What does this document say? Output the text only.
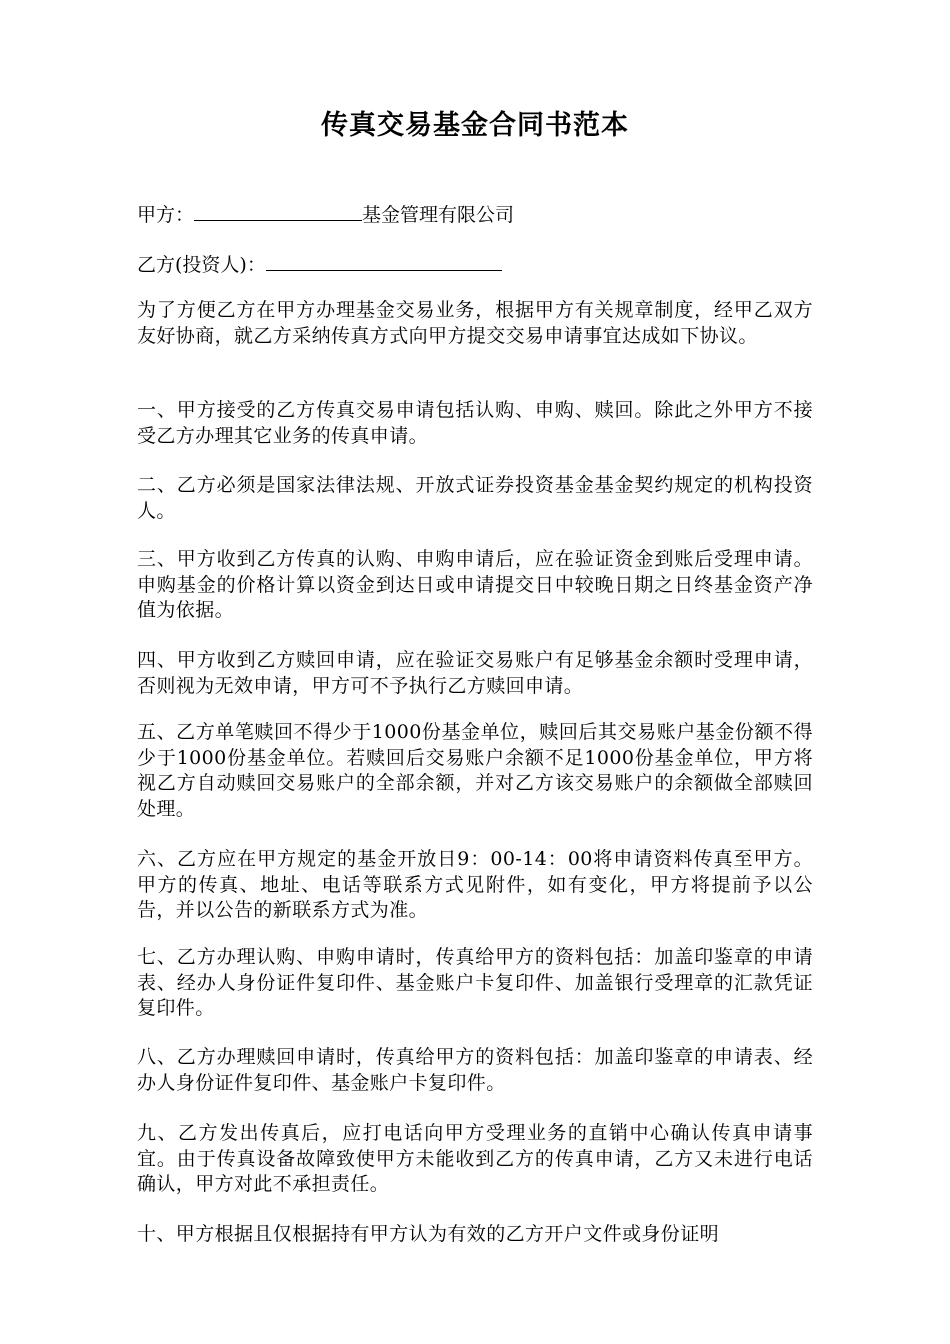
传真交易基金合同书范本
甲方：	基金管理有限公司
乙方(投资人)：

为了方便乙方在甲方办理基金交易业务，根据甲方有关规章制度，经甲乙双方友好协商，就乙方采纳传真方式向甲方提交交易申请事宜达成如下协议。

一、甲方接受的乙方传真交易申请包括认购、申购、赎回。除此之外甲方不接受乙方办理其它业务的传真申请。

二、乙方必须是国家法律法规、开放式证券投资基金基金契约规定的机构投资人。

三、甲方收到乙方传真的认购、申购申请后，应在验证资金到账后受理申请。申购基金的价格计算以资金到达日或申请提交日中较晚日期之日终基金资产净值为依据。

四、甲方收到乙方赎回申请，应在验证交易账户有足够基金余额时受理申请，否则视为无效申请，甲方可不予执行乙方赎回申请。

五、乙方单笔赎回不得少于1000份基金单位，赎回后其交易账户基金份额不得少于1000份基金单位。若赎回后交易账户余额不足1000份基金单位，甲方将视乙方自动赎回交易账户的全部余额，并对乙方该交易账户的余额做全部赎回处理。

六、乙方应在甲方规定的基金开放日9：00-14：00将申请资料传真至甲方。甲方的传真、地址、电话等联系方式见附件，如有变化，甲方将提前予以公告，并以公告的新联系方式为准。

七、乙方办理认购、申购申请时，传真给甲方的资料包括：加盖印鉴章的申请表、经办人身份证件复印件、基金账户卡复印件、加盖银行受理章的汇款凭证复印件。

八、乙方办理赎回申请时，传真给甲方的资料包括：加盖印鉴章的申请表、经办人身份证件复印件、基金账户卡复印件。

九、乙方发出传真后，应打电话向甲方受理业务的直销中心确认传真申请事宜。由于传真设备故障致使甲方未能收到乙方的传真申请，乙方又未进行电话确认，甲方对此不承担责任。

十、甲方根据且仅根据持有甲方认为有效的乙方开户文件或身份证明
